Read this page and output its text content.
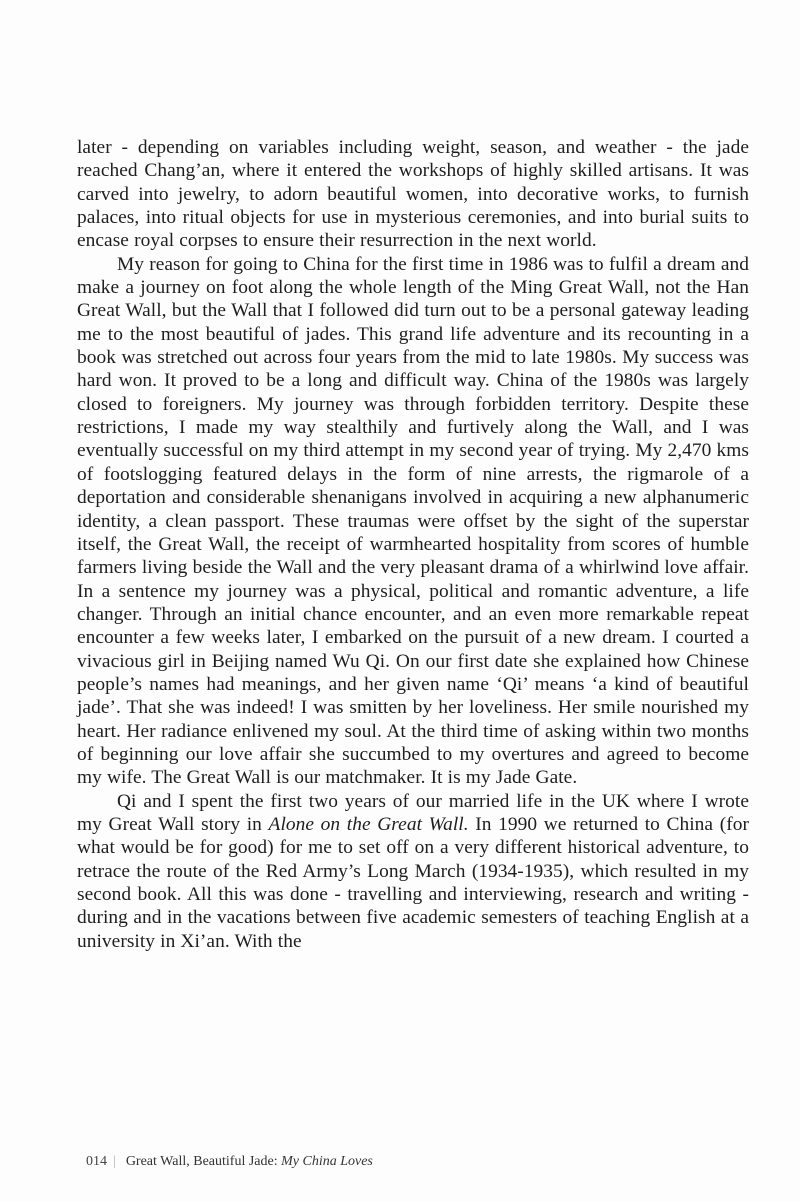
later - depending on variables including weight, season, and weather - the jade reached Chang’an, where it entered the workshops of highly skilled artisans. It was carved into jewelry, to adorn beautiful women, into decorative works, to furnish palaces, into ritual objects for use in mysterious ceremonies, and into burial suits to encase royal corpses to ensure their resurrection in the next world.

My reason for going to China for the first time in 1986 was to fulfil a dream and make a journey on foot along the whole length of the Ming Great Wall, not the Han Great Wall, but the Wall that I followed did turn out to be a personal gateway leading me to the most beautiful of jades. This grand life adventure and its recounting in a book was stretched out across four years from the mid to late 1980s. My success was hard won. It proved to be a long and difficult way. China of the 1980s was largely closed to foreigners. My journey was through forbidden territory. Despite these restrictions, I made my way stealthily and furtively along the Wall, and I was eventually successful on my third attempt in my second year of trying. My 2,470 kms of footslogging featured delays in the form of nine arrests, the rigmarole of a deportation and considerable shenanigans involved in acquiring a new alphanumeric identity, a clean passport. These traumas were offset by the sight of the superstar itself, the Great Wall, the receipt of warmhearted hospitality from scores of humble farmers living beside the Wall and the very pleasant drama of a whirlwind love affair. In a sentence my journey was a physical, political and romantic adventure, a life changer. Through an initial chance encounter, and an even more remarkable repeat encounter a few weeks later, I embarked on the pursuit of a new dream. I courted a vivacious girl in Beijing named Wu Qi. On our first date she explained how Chinese people’s names had meanings, and her given name ‘Qi’ means ‘a kind of beautiful jade’. That she was indeed! I was smitten by her loveliness. Her smile nourished my heart. Her radiance enlivened my soul. At the third time of asking within two months of beginning our love affair she succumbed to my overtures and agreed to become my wife. The Great Wall is our matchmaker. It is my Jade Gate.

Qi and I spent the first two years of our married life in the UK where I wrote my Great Wall story in Alone on the Great Wall. In 1990 we returned to China (for what would be for good) for me to set off on a very different historical adventure, to retrace the route of the Red Army’s Long March (1934-1935), which resulted in my second book. All this was done - travelling and interviewing, research and writing - during and in the vacations between five academic semesters of teaching English at a university in Xi’an. With the

014 | Great Wall, Beautiful Jade: My China Loves
